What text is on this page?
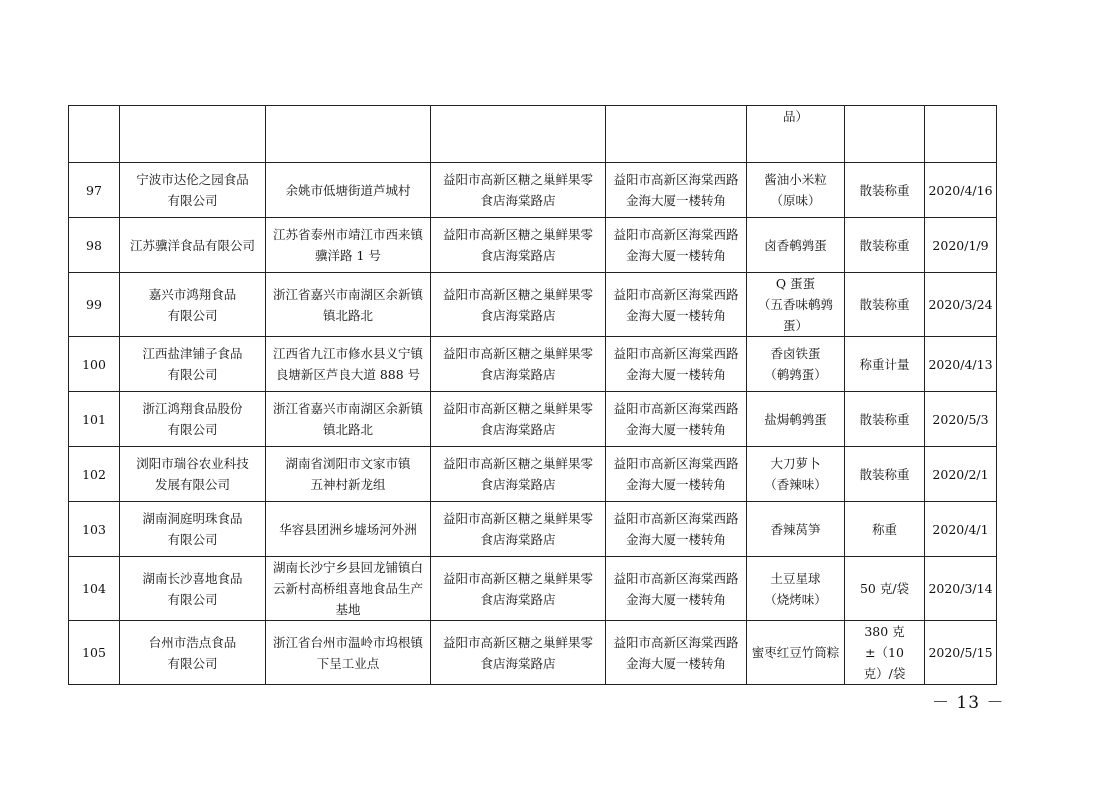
					品）		
97	宁波市达伦之园食品
有限公司	余姚市低塘街道芦城村	益阳市高新区糖之巢鲜果零
食店海棠路店	益阳市高新区海棠西路
金海大厦一楼转角	酱油小米粒
（原味）	散装称重	2020/4/16
98	江苏骥洋食品有限公司	江苏省泰州市靖江市西来镇
骥洋路 1 号	益阳市高新区糖之巢鲜果零
食店海棠路店	益阳市高新区海棠西路
金海大厦一楼转角	卤香鹌鹑蛋	散装称重	2020/1/9
99	嘉兴市鸿翔食品
有限公司	浙江省嘉兴市南湖区余新镇
镇北路北	益阳市高新区糖之巢鲜果零
食店海棠路店	益阳市高新区海棠西路
金海大厦一楼转角	Q 蛋蛋
（五香味鹌鹑蛋）	散装称重	2020/3/24
100	江西盐津铺子食品
有限公司	江西省九江市修水县义宁镇
良塘新区芦良大道 888 号	益阳市高新区糖之巢鲜果零
食店海棠路店	益阳市高新区海棠西路
金海大厦一楼转角	香卤铁蛋
（鹌鹑蛋）	称重计量	2020/4/13
101	浙江鸿翔食品股份
有限公司	浙江省嘉兴市南湖区余新镇
镇北路北	益阳市高新区糖之巢鲜果零
食店海棠路店	益阳市高新区海棠西路
金海大厦一楼转角	盐焗鹌鹑蛋	散装称重	2020/5/3
102	浏阳市瑞谷农业科技
发展有限公司	湖南省浏阳市文家市镇
五神村新龙组	益阳市高新区糖之巢鲜果零
食店海棠路店	益阳市高新区海棠西路
金海大厦一楼转角	大刀萝卜
（香辣味）	散装称重	2020/2/1
103	湖南洞庭明珠食品
有限公司	华容县团洲乡墟场河外洲	益阳市高新区糖之巢鲜果零
食店海棠路店	益阳市高新区海棠西路
金海大厦一楼转角	香辣莴笋	称重	2020/4/1
104	湖南长沙喜地食品
有限公司	湖南长沙宁乡县回龙铺镇白
云新村高桥组喜地食品生产
基地	益阳市高新区糖之巢鲜果零
食店海棠路店	益阳市高新区海棠西路
金海大厦一楼转角	土豆星球
（烧烤味）	50 克/袋	2020/3/14
105	台州市浩点食品
有限公司	浙江省台州市温岭市坞根镇
下呈工业点	益阳市高新区糖之巢鲜果零
食店海棠路店	益阳市高新区海棠西路
金海大厦一楼转角	蜜枣红豆竹筒粽	380 克±（10
克）/袋	2020/5/15
－ 13 －
